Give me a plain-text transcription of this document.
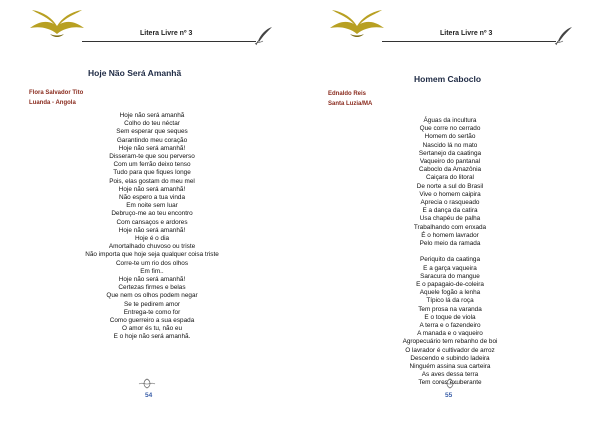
Litera Livre nº 3
Hoje Não Será Amanhã
Flora Salvador Tito
Luanda - Angola
Hoje não será amanhã
Colho do teu néctar
Sem esperar que seques
Garantindo meu coração
Hoje não será amanhã!
Disseram-te que sou perverso
Com um ferrão deixo tenso
Tudo para que fiques longe
Pois, elas gostam do meu mel
Hoje não será amanhã!
Não espero a tua vinda
Em noite sem luar
Debruço-me ao teu encontro
Com cansaços e ardores
Hoje não será amanhã!
Hoje é o dia
Amortalhado chuvoso ou triste
Não importa que hoje seja qualquer coisa triste
Corre-te um rio dos olhos
Em fim..
Hoje não será amanhã!
Certezas firmes e belas
Que nem os olhos podem negar
Se te pedirem amor
Entrega-te como for
Como guerreiro a sua espada
O amor és tu, não eu
E o hoje não será amanhã.
54
Litera Livre nº 3
Homem Caboclo
Ednaldo Reis
Santa Luzia/MA
Águas da incultura
Que corre no cerrado
Homem do sertão
Nascido lá no mato
Sertanejo da caatinga
Vaqueiro do pantanal
Caboclo da Amazônia
Caiçara do litoral
De norte a sul do Brasil
Vive o homem caipira
Aprecia o rasqueado
E a dança da catira
Usa chapéu de palha
Trabalhando com enxada
É o homem lavrador
Pelo meio da ramada
Periquito da caatinga
E a garça vaqueira
Saracura do mangue
E o papagaio-de-coleira
Aquele fogão a lenha
Típico lá da roça
Tem prosa na varanda
E o toque de viola
A terra e o fazendeiro
A manada e o vaqueiro
Agropecuário tem rebanho de boi
O lavrador é cultivador de arroz
Descendo e subindo ladeira
Ninguém assina sua carteira
As aves dessa terra
Tem cores exuberante
55
